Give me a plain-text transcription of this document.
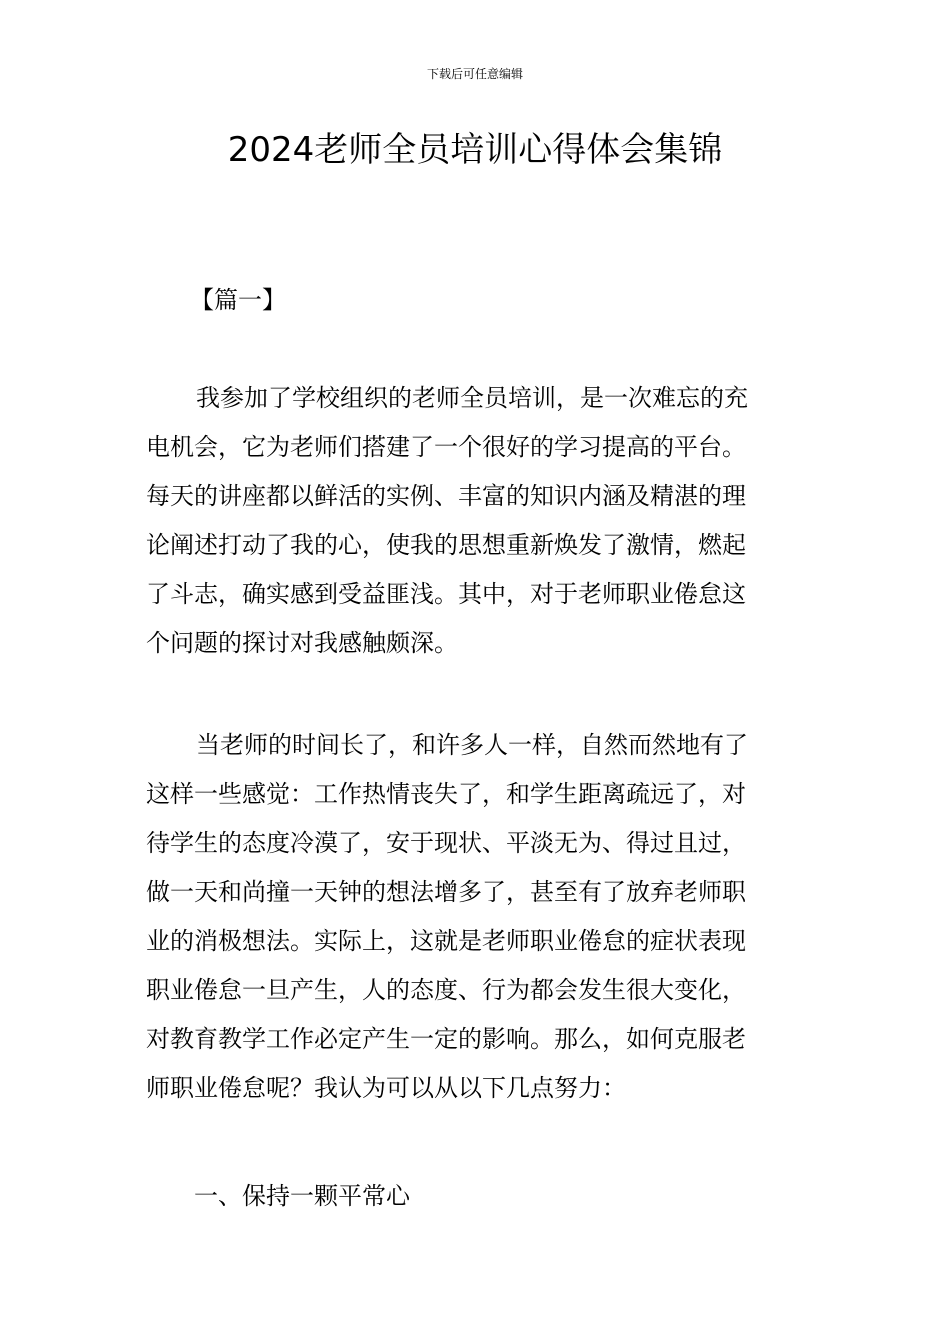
下载后可任意编辑
2024老师全员培训心得体会集锦
【篇一】

我参加了学校组织的老师全员培训，是一次难忘的充
电机会，它为老师们搭建了一个很好的学习提高的平台。
每天的讲座都以鲜活的实例、丰富的知识内涵及精湛的理
论阐述打动了我的心，使我的思想重新焕发了激情，燃起
了斗志，确实感到受益匪浅。其中，对于老师职业倦怠这
个问题的探讨对我感触颇深。

当老师的时间长了，和许多人一样，自然而然地有了
这样一些感觉：工作热情丧失了，和学生距离疏远了，对
待学生的态度冷漠了，安于现状、平淡无为、得过且过，
做一天和尚撞一天钟的想法增多了，甚至有了放弃老师职
业的消极想法。实际上，这就是老师职业倦怠的症状表现
职业倦怠一旦产生，人的态度、行为都会发生很大变化，
对教育教学工作必定产生一定的影响。那么，如何克服老
师职业倦怠呢？我认为可以从以下几点努力：

一、保持一颗平常心
